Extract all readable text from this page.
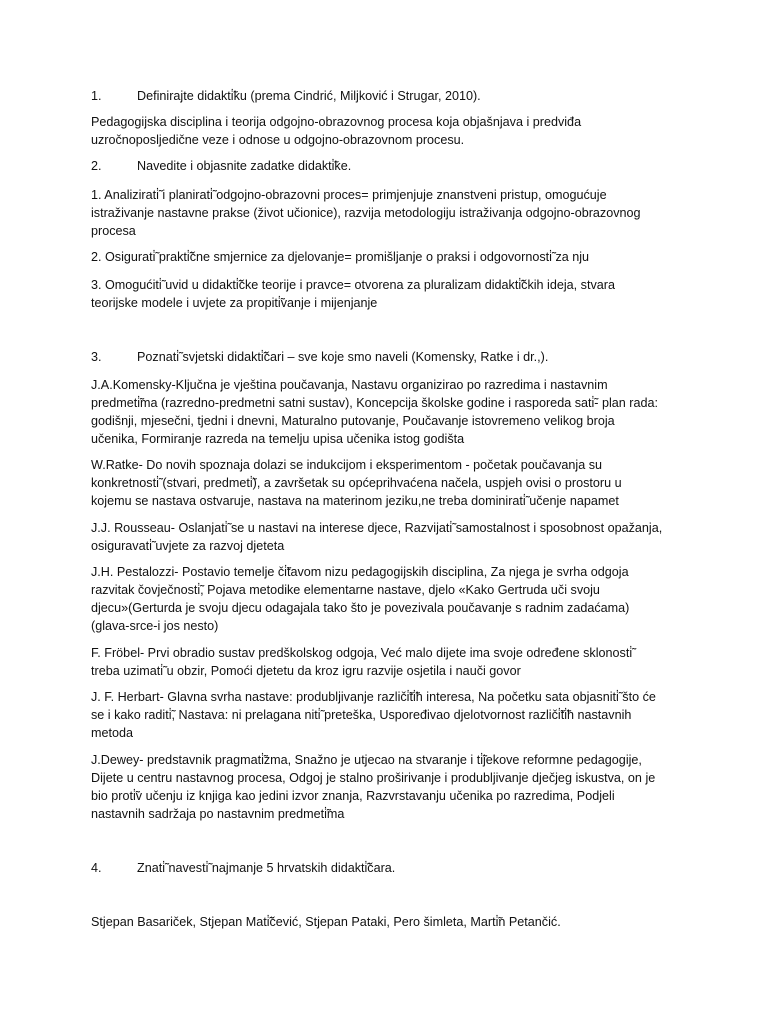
1.	Definirajte didakti̇̃ku (prema Cindrić, Miljković i Strugar, 2010).

Pedagogijska disciplina i teorija odgojno-obrazovnog procesa koja objašnjava i predviđa
uzročnoposljedične veze i odnose u odgojno-obrazovnom procesu.

2.	Navedite i objasnite zadatke didakti̇̃ke.

1. Analizirati̇̃ i planirati̇̃ odgojno-obrazovni proces= primjenjuje znanstveni pristup, omogućuje
istraživanje nastavne prakse (život učionice), razvija metodologiju istraživanja odgojno-obrazovnog
procesa

2. Osigurati̇̃ prakti̇̃čne smjernice za djelovanje= promišljanje o praksi i odgovornosti̇̃ za nju

3. Omogućiti̇̃ uvid u didakti̇̃čke teorije i pravce= otvorena za pluralizam didakti̇̃čkih ideja, stvara
teorijske modele i uvjete za propiti̇̃vanje i mijenjanje

3.	Poznati̇̃ svjetski didakti̇̃čari – sve koje smo naveli (Komensky, Ratke i dr.,).

J.A.Komensky-Ključna je vještina poučavanja, Nastavu organizirao po razredima i nastavnim
predmeti̇̃ma (razredno-predmetni satni sustav), Koncepcija školske godine i rasporeda sati̇̃- plan rada:
godišnji, mjesečni, tjedni i dnevni, Maturalno putovanje, Poučavanje istovremeno velikog broja
učenika, Formiranje razreda na temelju upisa učenika istog godišta

W.Ratke- Do novih spoznaja dolazi se indukcijom i eksperimentom - početak poučavanja su
konkretnosti̇̃ (stvari, predmeti̇̃), a završetak su općeprihvaćena načela, uspjeh ovisi o prostoru u
kojemu se nastava ostvaruje, nastava na materinom jeziku,ne treba dominirati̇̃ učenje napamet

J.J. Rousseau- Oslanjati̇̃ se u nastavi na interese djece, Razvijati̇̃ samostalnost i sposobnost opažanja,
osiguravati̇̃ uvjete za razvoj djeteta

J.H. Pestalozzi- Postavio temelje či̇̃tavom nizu pedagogijskih disciplina, Za njega je svrha odgoja
razvitak čovječnosti̇̃, Pojava metodike elementarne nastave, djelo «Kako Gertruda uči svoju
djecu»(Gerturda je svoju djecu odagajala tako što je povezivala poučavanje s radnim zadaćama)
(glava-srce-i jos nesto)

F. Fröbel- Prvi obradio sustav predškolskog odgoja, Već malo dijete ima svoje određene sklonosti̇̃
treba uzimati̇̃ u obzir, Pomoći djetetu da kroz igru razvije osjetila i nauči govor

J. F. Herbart- Glavna svrha nastave: produbljivanje različi̇̃ti̇̃h interesa, Na početku sata objasniti̇̃ što će
se i kako raditi̇̃, Nastava: ni prelagana niti̇̃ preteška, Uspoređivao djelotvornost različi̇̃ti̇̃h nastavnih
metoda

J.Dewey- predstavnik pragmati̇̃zma, Snažno je utjecao na stvaranje i ti̇̃jekove reformne pedagogije,
Dijete u centru nastavnog procesa, Odgoj je stalno proširivanje i produbljivanje dječjeg iskustva, on je
bio proti̇̃v učenju iz knjiga kao jedini izvor znanja, Razvrstavanju učenika po razredima, Podjeli
nastavnih sadržaja po nastavnim predmeti̇̃ma

4.	Znati̇̃ navesti̇̃ najmanje 5 hrvatskih didakti̇̃čara.

Stjepan Basariček, Stjepan Mati̇̃čević, Stjepan Pataki, Pero šimleta, Marti̇̃n Petančić.
